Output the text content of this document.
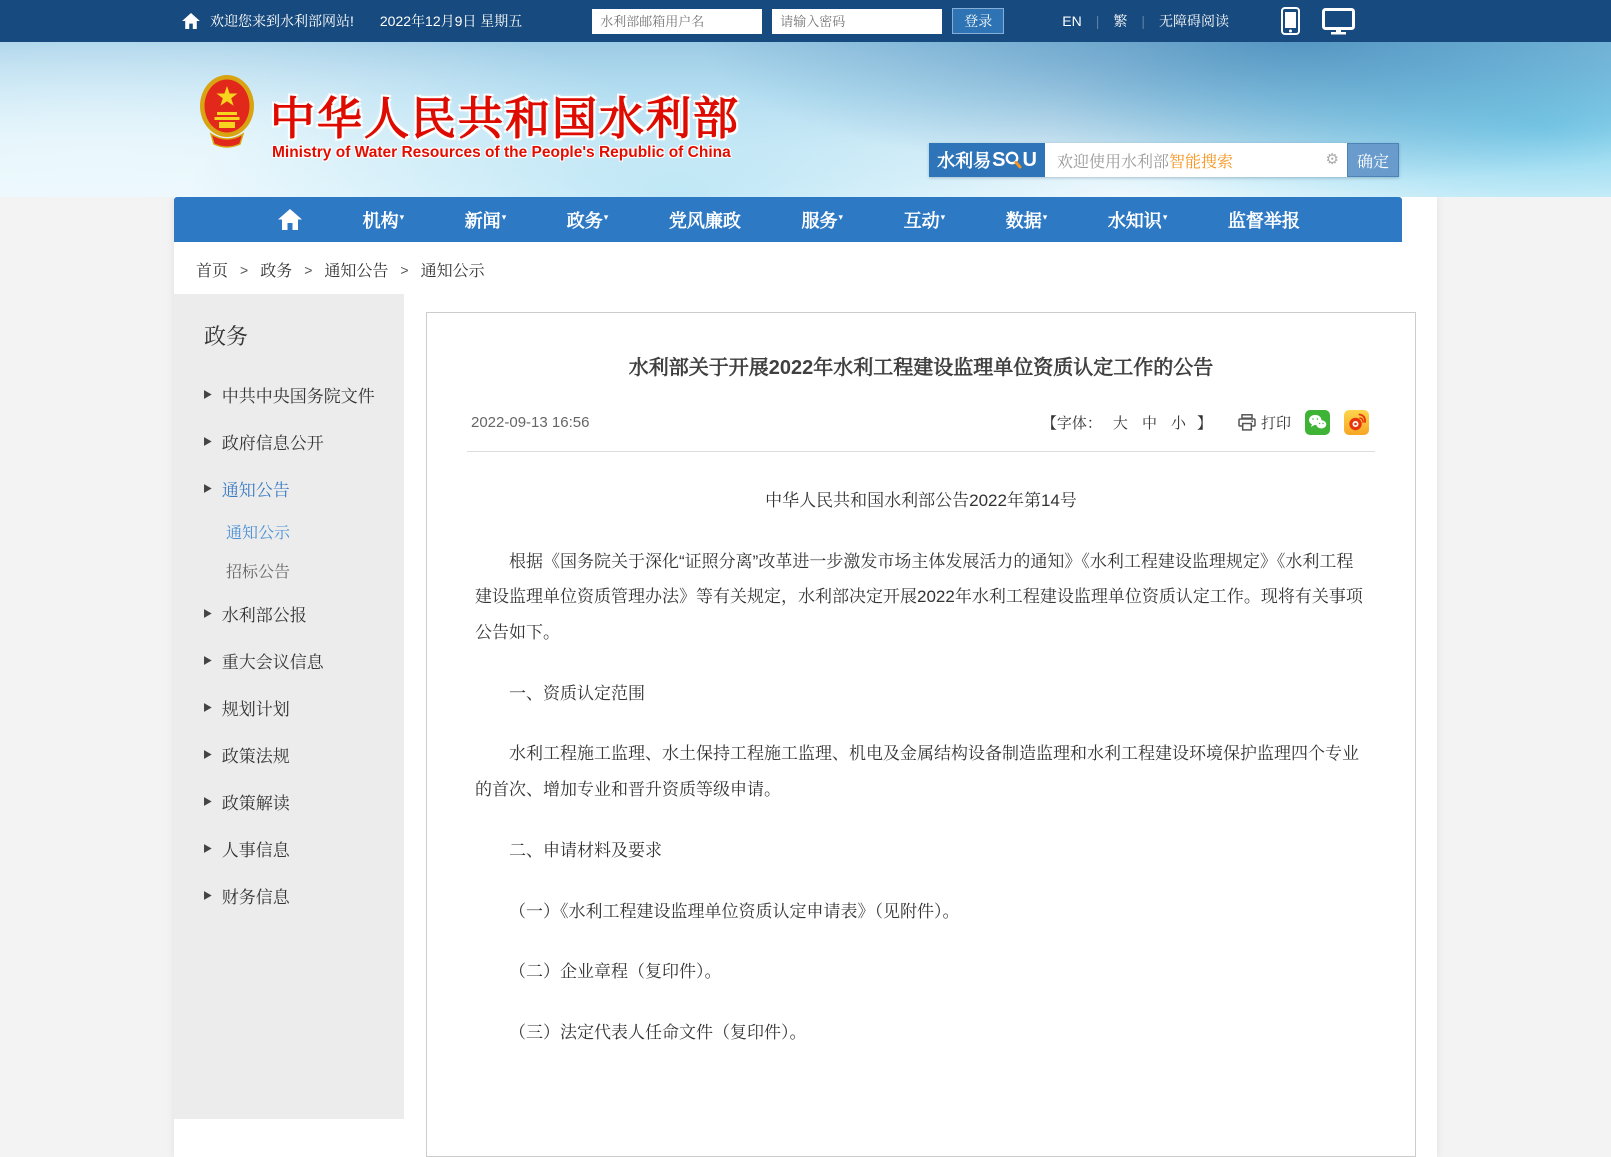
欢迎您来到水利部网站! 2022年12月9日 星期五
水利部邮箱用户名	登录	EN | 繁 | 无障碍阅读
中华人民共和国水利部
Ministry of Water Resources of the People's Republic of China	水利易 S U 欢迎使用水利部 智能搜索	⚙	确定
机构▾	新闻▾	政务▾	党风廉政	服务▾	互动▾	数据▾	水知识▾	监督举报
首页 > 政务 > 通知公告 > 通知公示
政务
▶ 中共中央国务院文件
▶ 政府信息公开
▶ 通知公告
通知公示
招标公告
▶ 水利部公报
▶ 重大会议信息
▶ 规划计划
▶ 政策法规
▶ 政策解读
▶ 人事信息
▶ 财务信息
水利部关于开展2022年水利工程建设监理单位资质认定工作的公告
2022-09-13 16:56	【字体： 大 中 小 】	打印

中华人民共和国水利部公告2022年第14号

根据《国务院关于深化“证照分离”改革进一步激发市场主体发展活力的通知》《水利工程建设监理规定》《水利工程建设监理单位资质管理办法》等有关规定，水利部决定开展2022年水利工程建设监理单位资质认定工作。现将有关事项公告如下。

一、资质认定范围

水利工程施工监理、水土保持工程施工监理、机电及金属结构设备制造监理和水利工程建设环境保护监理四个专业的首次、增加专业和晋升资质等级申请。

二、申请材料及要求

（一）《水利工程建设监理单位资质认定申请表》（见附件）。

（二）企业章程（复印件）。

（三）法定代表人任命文件（复印件）。
